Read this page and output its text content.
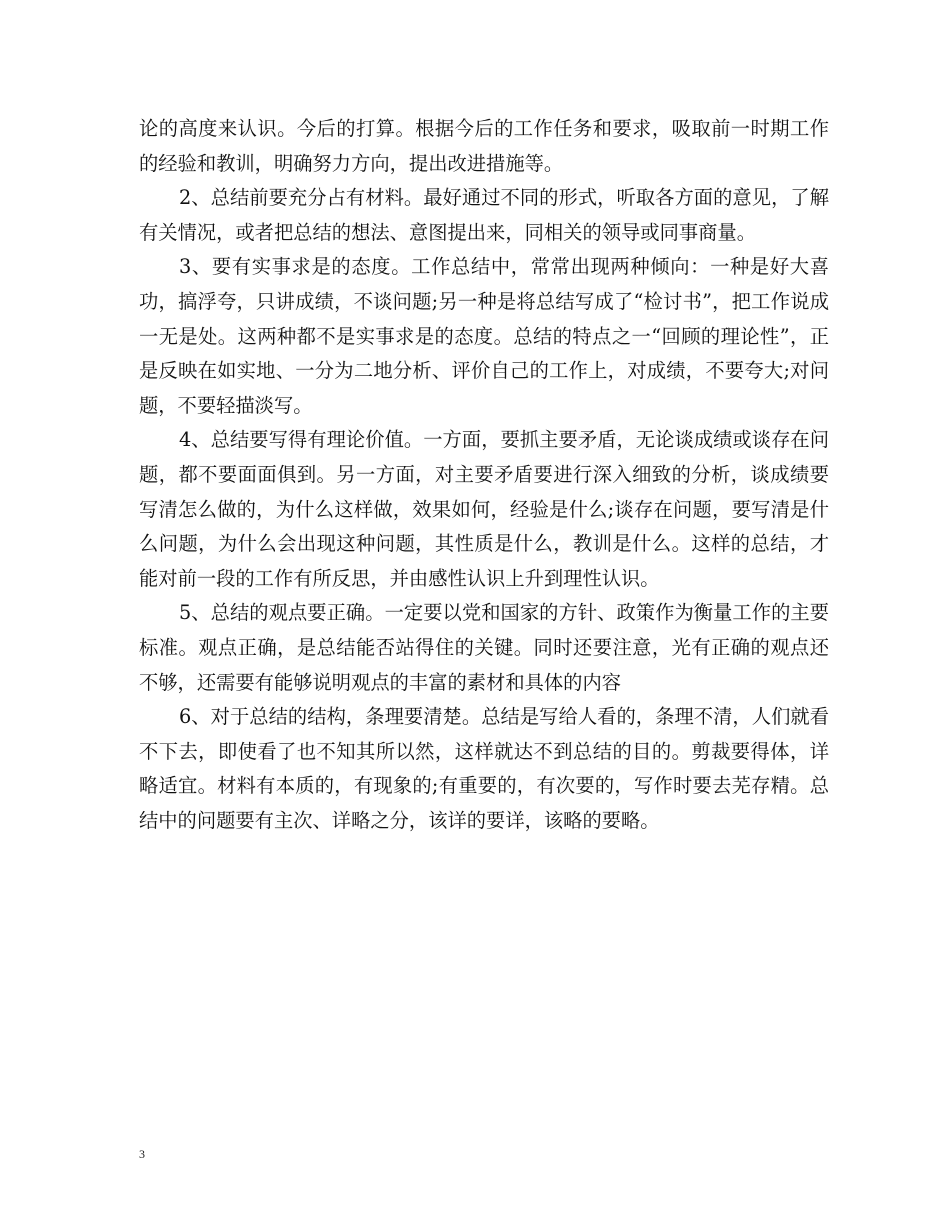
论的高度来认识。今后的打算。根据今后的工作任务和要求，吸取前一时期工作的经验和教训，明确努力方向，提出改进措施等。

2、总结前要充分占有材料。最好通过不同的形式，听取各方面的意见，了解有关情况，或者把总结的想法、意图提出来，同相关的领导或同事商量。

3、要有实事求是的态度。工作总结中，常常出现两种倾向：一种是好大喜功，搞浮夸，只讲成绩，不谈问题;另一种是将总结写成了“检讨书”，把工作说成一无是处。这两种都不是实事求是的态度。总结的特点之一“回顾的理论性”，正是反映在如实地、一分为二地分析、评价自己的工作上，对成绩，不要夸大;对问题，不要轻描淡写。

4、总结要写得有理论价值。一方面，要抓主要矛盾，无论谈成绩或谈存在问题，都不要面面俱到。另一方面，对主要矛盾要进行深入细致的分析，谈成绩要写清怎么做的，为什么这样做，效果如何，经验是什么;谈存在问题，要写清是什么问题，为什么会出现这种问题，其性质是什么，教训是什么。这样的总结，才能对前一段的工作有所反思，并由感性认识上升到理性认识。

5、总结的观点要正确。一定要以党和国家的方针、政策作为衡量工作的主要标准。观点正确，是总结能否站得住的关键。同时还要注意，光有正确的观点还不够，还需要有能够说明观点的丰富的素材和具体的内容

6、对于总结的结构，条理要清楚。总结是写给人看的，条理不清，人们就看不下去，即使看了也不知其所以然，这样就达不到总结的目的。剪裁要得体，详略适宜。材料有本质的，有现象的;有重要的，有次要的，写作时要去芜存精。总结中的问题要有主次、详略之分，该详的要详，该略的要略。

3
